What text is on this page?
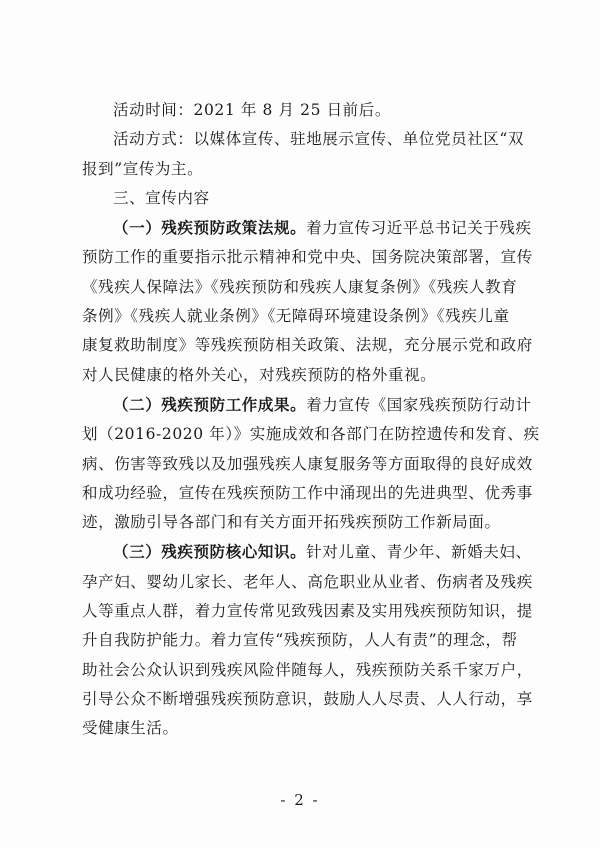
活动时间：2021 年 8 月 25 日前后。
活动方式：以媒体宣传、驻地展示宣传、单位党员社区“双
报到”宣传为主。
三、宣传内容
（一）残疾预防政策法规。着力宣传习近平总书记关于残疾
预防工作的重要指示批示精神和党中央、国务院决策部署，宣传
《残疾人保障法》《残疾预防和残疾人康复条例》《残疾人教育
条例》《残疾人就业条例》《无障碍环境建设条例》《残疾儿童
康复救助制度》等残疾预防相关政策、法规，充分展示党和政府
对人民健康的格外关心，对残疾预防的格外重视。
（二）残疾预防工作成果。着力宣传《国家残疾预防行动计
划（2016-2020 年）》实施成效和各部门在防控遗传和发育、疾
病、伤害等致残以及加强残疾人康复服务等方面取得的良好成效
和成功经验，宣传在残疾预防工作中涌现出的先进典型、优秀事
迹，激励引导各部门和有关方面开拓残疾预防工作新局面。
（三）残疾预防核心知识。针对儿童、青少年、新婚夫妇、
孕产妇、婴幼儿家长、老年人、高危职业从业者、伤病者及残疾
人等重点人群，着力宣传常见致残因素及实用残疾预防知识，提
升自我防护能力。着力宣传“残疾预防，人人有责”的理念，帮
助社会公众认识到残疾风险伴随每人，残疾预防关系千家万户，
引导公众不断增强残疾预防意识，鼓励人人尽责、人人行动，享
受健康生活。
- 2 -
